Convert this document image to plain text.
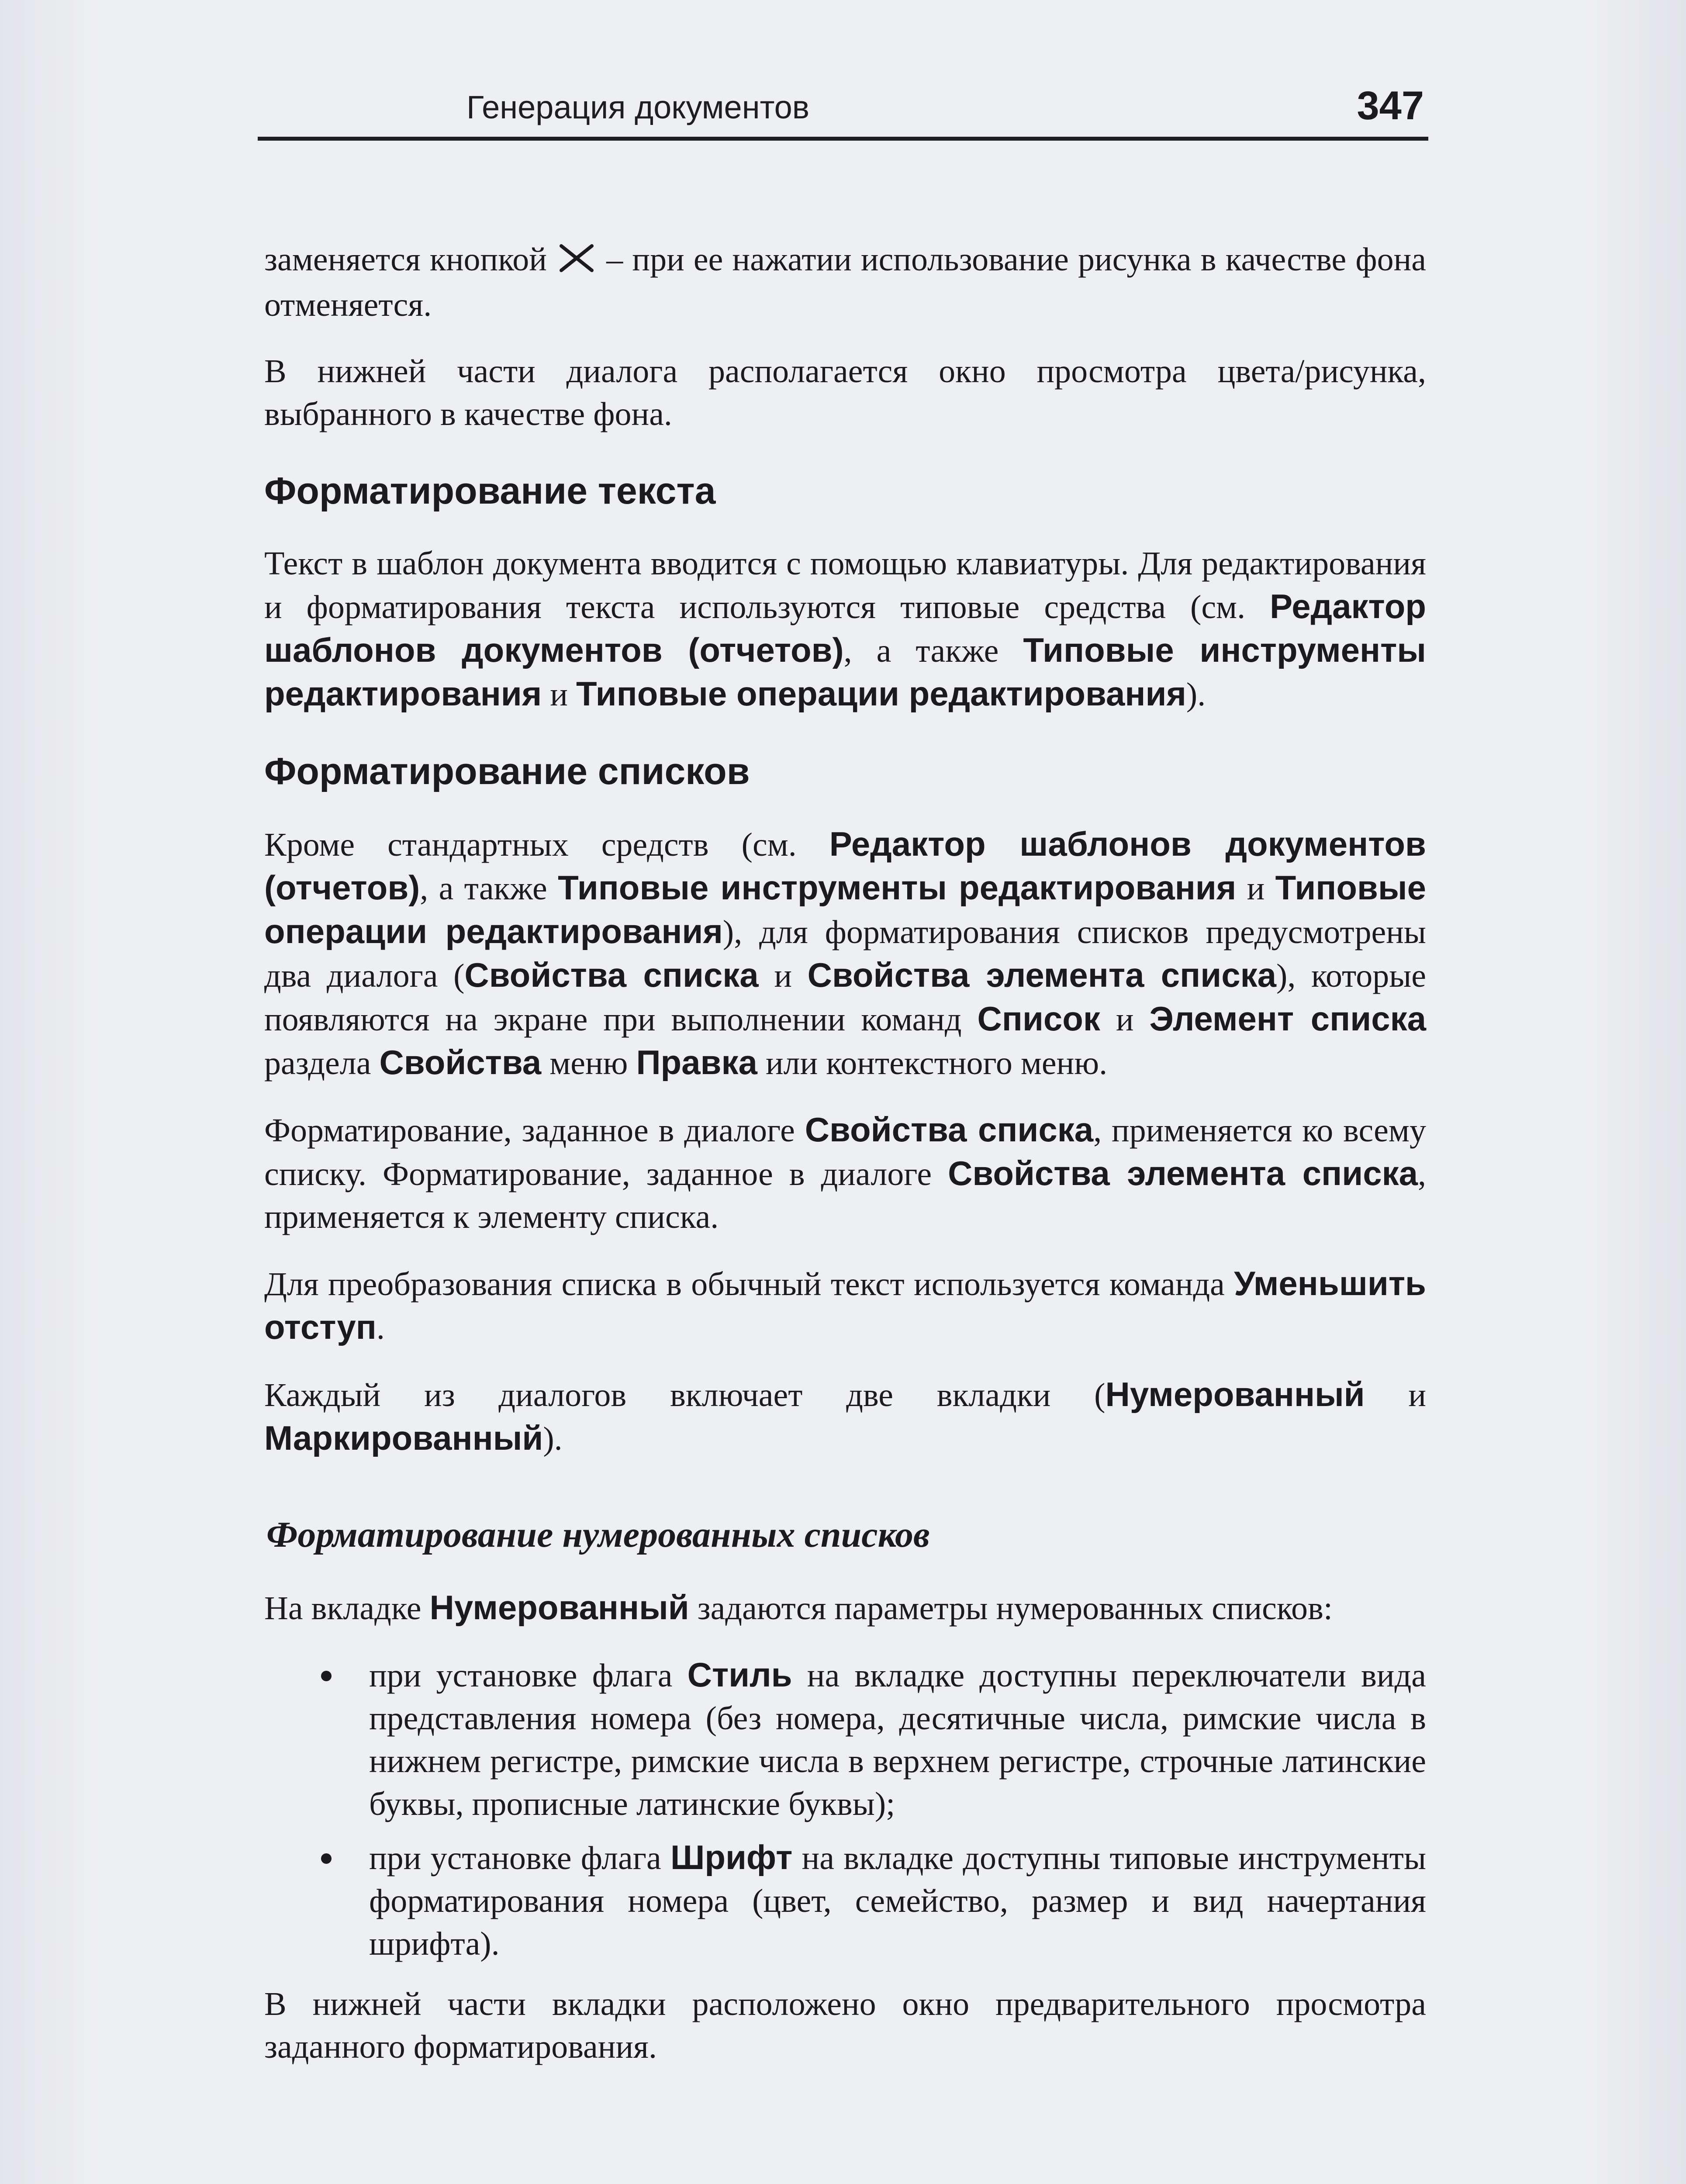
Генерация документов	347

заменяется кнопкой – при ее нажатии использование рисунка в качестве фона отменяется.

В нижней части диалога располагается окно просмотра цвета/рисунка, выбранного в качестве фона.

Форматирование текста

Текст в шаблон документа вводится с помощью клавиатуры. Для редактирования и форматирования текста используются типовые средства (см. Редактор шаблонов документов (отчетов), а также Типовые инструменты редактирования и Типовые операции редактирования).

Форматирование списков

Кроме стандартных средств (см. Редактор шаблонов документов (отчетов), а также Типовые инструменты редактирования и Типовые операции редактирования), для форматирования списков предусмотрены два диалога (Свойства списка и Свойства элемента списка), которые появляются на экране при выполнении команд Список и Элемент списка раздела Свойства меню Правка или контекстного меню.

Форматирование, заданное в диалоге Свойства списка, применяется ко всему списку. Форматирование, заданное в диалоге Свойства элемента списка, применяется к элементу списка.

Для преобразования списка в обычный текст используется команда Уменьшить отступ.

Каждый из диалогов включает две вкладки (Нумерованный и Маркированный).

Форматирование нумерованных списков

На вкладке Нумерованный задаются параметры нумерованных списков:

при установке флага Стиль на вкладке доступны переключатели вида представления номера (без номера, десятичные числа, римские числа в нижнем регистре, римские числа в верхнем регистре, строчные латинские буквы, прописные латинские буквы);
при установке флага Шрифт на вкладке доступны типовые инструменты форматирования номера (цвет, семейство, размер и вид начертания шрифта).

В нижней части вкладки расположено окно предварительного просмотра заданного форматирования.
